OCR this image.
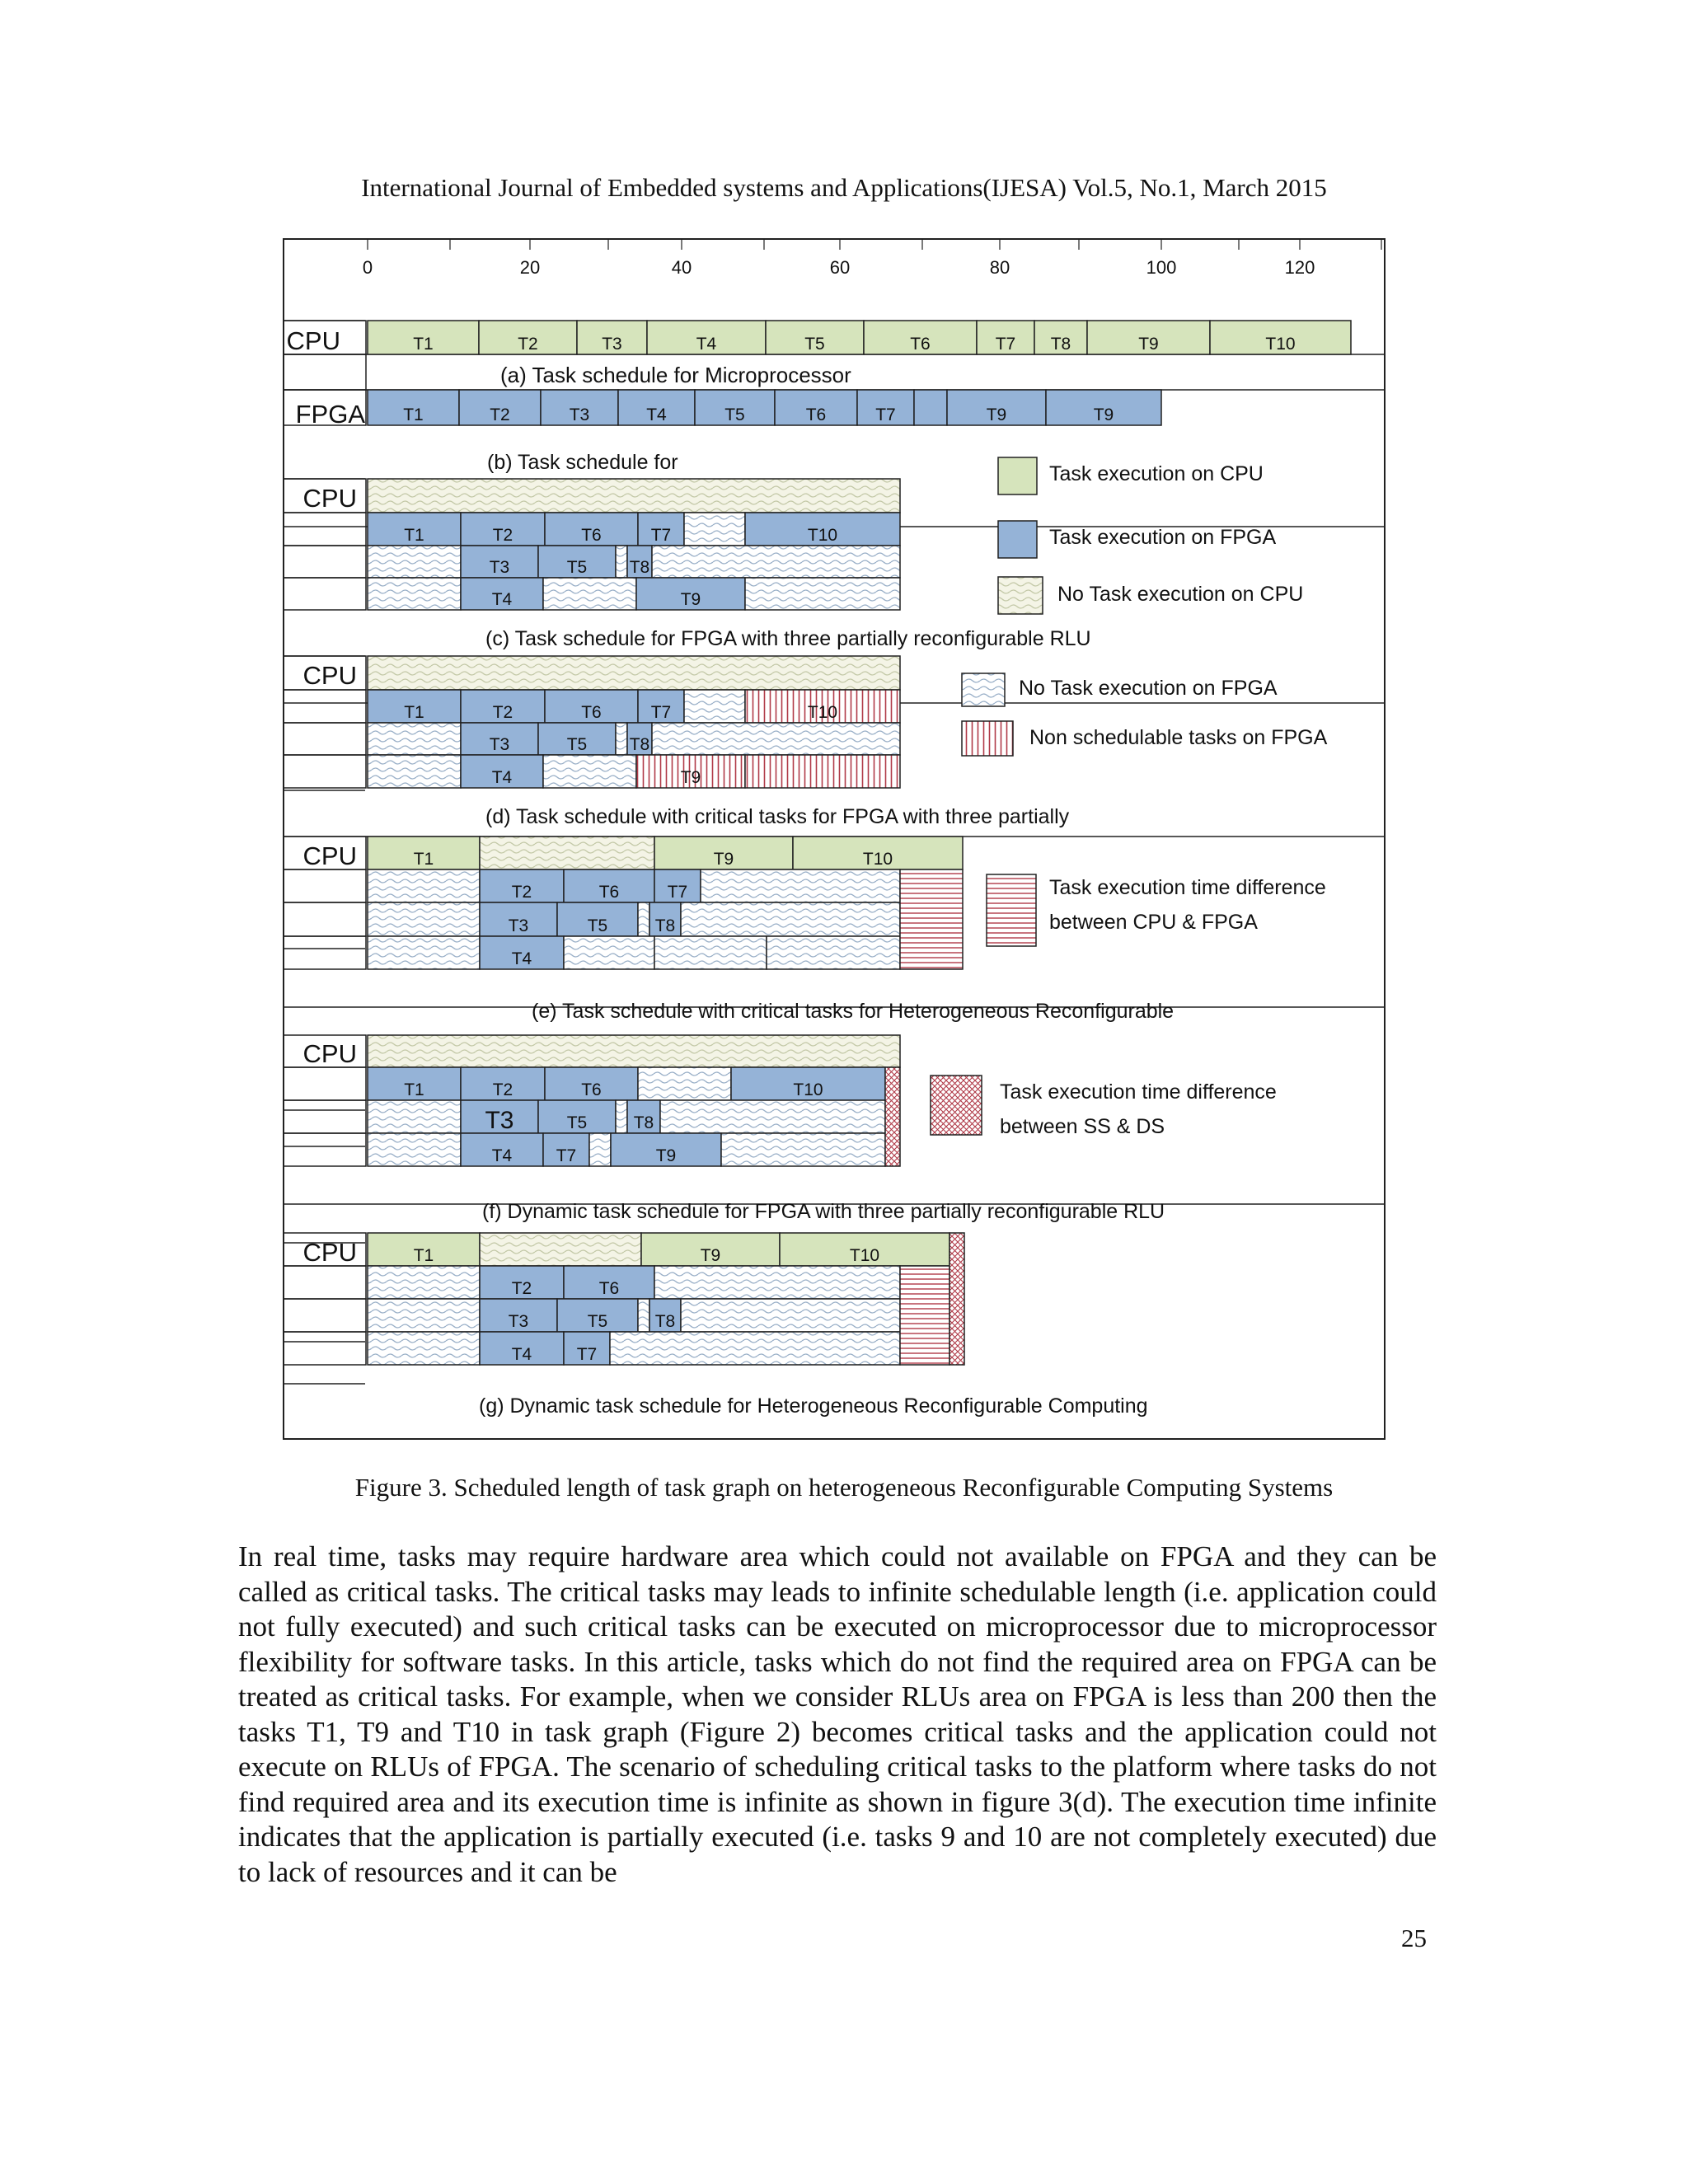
International Journal of Embedded systems and Applications(IJESA) Vol.5, No.1, March 2015
0	20	40	60	80	100	120
CPU	T1	T2	T3	T4	T5	T6	T7 T8	T9	T10
(a) Task schedule for Microprocessor
FPGA T1	T2	T3	T4	T5	T6	T7	T9	T9
(b) Task schedule for
CPU
T1	T2	T6	T7	T10
T3	T5 T8
T4	T9
(c) Task schedule for FPGA with three partially reconfigurable RLU
CPU
T1	T2	T6	T7	T10
T3	T5 T8
T4	T9
(d) Task schedule with critical tasks for FPGA with three partially
CPU	T1	T9	T10
T2	T6	T7
T3	T5	T8
T4
(e) Task schedule with critical tasks for Heterogeneous Reconfigurable
CPU
T1	T2	T6	T10
T3	T5	T8
T4	T7	T9
(f) Dynamic task schedule for FPGA with three partially reconfigurable RLU
CPU	T1	T9	T10
T2	T6
T3	T5	T8
T4	T7
(g) Dynamic task schedule for Heterogeneous Reconfigurable Computing
Task execution on CPU
Task execution on FPGA
No Task execution on CPU
No Task execution on FPGA
Non schedulable tasks on FPGA
Task execution time difference
between CPU & FPGA
Task execution time difference
between SS & DS
Figure 3. Scheduled length of task graph on heterogeneous Reconfigurable Computing Systems

In real time, tasks may require hardware area which could not available on FPGA and they can be called as critical tasks. The critical tasks may leads to infinite schedulable length (i.e. application could not fully executed) and such critical tasks can be executed on microprocessor due to microprocessor flexibility for software tasks. In this article, tasks which do not find the required area on FPGA can be treated as critical tasks. For example, when we consider RLUs area on FPGA is less than 200 then the tasks T1, T9 and T10 in task graph (Figure 2) becomes critical tasks and the application could not execute on RLUs of FPGA. The scenario of scheduling critical tasks to the platform where tasks do not find required area and its execution time is infinite as shown in figure 3(d). The execution time infinite indicates that the application is partially executed (i.e. tasks 9 and 10 are not completely executed) due to lack of resources and it can be

25
